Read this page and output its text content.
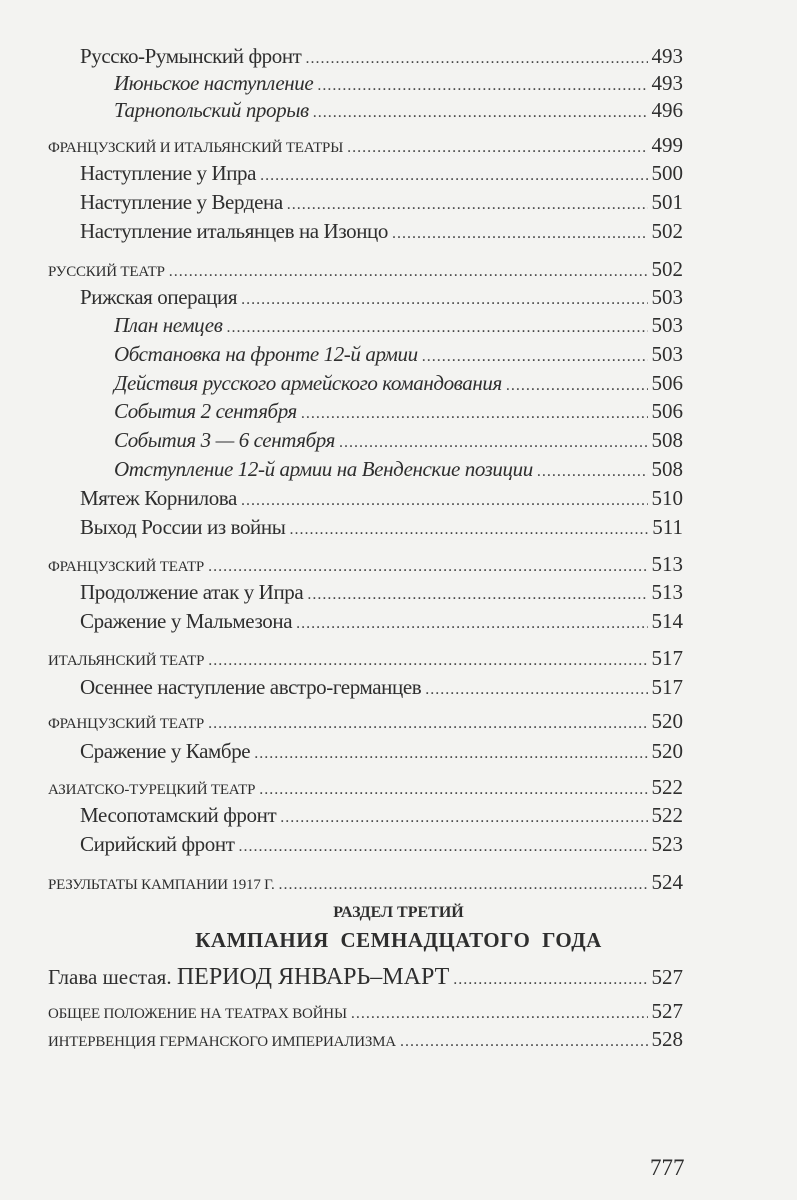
Русско-Румынский фронт .....	493
Июньское наступление .....	493
Тарнопольский прорыв .....	496
ФРАНЦУЗСКИЙ И ИТАЛЬЯНСКИЙ ТЕАТРЫ .....	499
Наступление у Ипра .....	500
Наступление у Вердена .....	501
Наступление итальянцев на Изонцо .....	502
РУССКИЙ ТЕАТР .....	502
Рижская операция .....	503
План немцев .....	503
Обстановка на фронте 12-й армии .....	503
Действия русского армейского командования .....	506
События 2 сентября .....	506
События 3 — 6 сентября .....	508
Отступление 12-й армии на Венденские позиции .....	508
Мятеж Корнилова .....	510
Выход России из войны .....	511
ФРАНЦУЗСКИЙ ТЕАТР .....	513
Продолжение атак у Ипра .....	513
Сражение у Мальмезона .....	514
ИТАЛЬЯНСКИЙ ТЕАТР .....	517
Осеннее наступление австро-германцев .....	517
ФРАНЦУЗСКИЙ ТЕАТР .....	520
Сражение у Камбре .....	520
АЗИАТСКО-ТУРЕЦКИЙ ТЕАТР .....	522
Месопотамский фронт .....	522
Сирийский фронт .....	523
РЕЗУЛЬТАТЫ КАМПАНИИ 1917 Г. .....	524
РАЗДЕЛ ТРЕТИЙ
КАМПАНИЯ СЕМНАДЦАТОГО ГОДА
Глава шестая. ПЕРИОД ЯНВАРЬ–МАРТ .....	527
ОБЩЕЕ ПОЛОЖЕНИЕ НА ТЕАТРАХ ВОЙНЫ .....	527
ИНТЕРВЕНЦИЯ ГЕРМАНСКОГО ИМПЕРИАЛИЗМА .....	528
777
